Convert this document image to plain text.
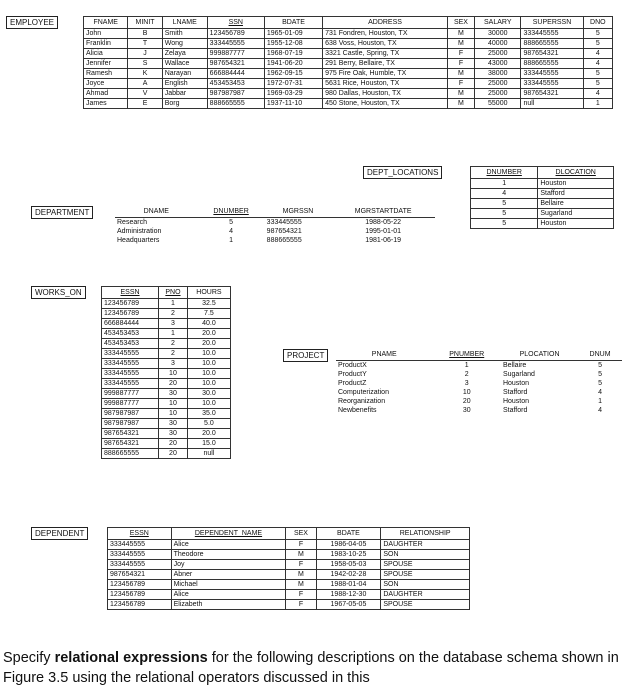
EMPLOYEE	FNAME	MINIT	LNAME	SSN	BDATE	ADDRESS	SEX	SALARY	SUPERSSN	DNO
John	B	Smith	123456789	1965-01-09	731 Fondren, Houston, TX	M	30000	333445555	5
Franklin	T	Wong	333445555	1955-12-08	638 Voss, Houston, TX	M	40000	888665555	5
Alicia	J	Zelaya	999887777	1968-07-19	3321 Castle, Spring, TX	F	25000	987654321	4
Jennifer	S	Wallace	987654321	1941-06-20	291 Berry, Bellaire, TX	F	43000	888665555	4
Ramesh	K	Narayan	666884444	1962-09-15	975 Fire Oak, Humble, TX	M	38000	333445555	5
Joyce	A	English	453453453	1972-07-31	5631 Rice, Houston, TX	F	25000	333445555	5
Ahmad	V	Jabbar	987987987	1969-03-29	980 Dallas, Houston, TX	M	25000	987654321	4
James	E	Borg	888665555	1937-11-10	450 Stone, Houston, TX	M	55000	null	1
DEPT_LOCATIONS	DNUMBER	DLOCATION
1	Houston
4	Stafford
5	Bellaire
5	Sugarland
5	Houston
DEPARTMENT	DNAME	DNUMBER	MGRSSN	MGRSTARTDATE
Research	5	333445555	1988-05-22
Administration	4	987654321	1995-01-01
Headquarters	1	888665555	1981-06-19
WORKS_ON	ESSN	PNO	HOURS
123456789	1	32.5
123456789	2	7.5
666884444	3	40.0
453453453	1	20.0
453453453	2	20.0
333445555	2	10.0
333445555	3	10.0
333445555	10	10.0
333445555	20	10.0
999887777	30	30.0
999887777	10	10.0
987987987	10	35.0
987987987	30	5.0
987654321	30	20.0
987654321	20	15.0
888665555	20	null
PROJECT	PNAME	PNUMBER	PLOCATION	DNUM
ProductX	1	Bellaire	5
ProductY	2	Sugarland	5
ProductZ	3	Houston	5
Computerization	10	Stafford	4
Reorganization	20	Houston	1
Newbenefits	30	Stafford	4
DEPENDENT	ESSN	DEPENDENT_NAME	SEX	BDATE	RELATIONSHIP
333445555	Alice	F	1986-04-05	DAUGHTER
333445555	Theodore	M	1983-10-25	SON
333445555	Joy	F	1958-05-03	SPOUSE
987654321	Abner	M	1942-02-28	SPOUSE
123456789	Michael	M	1988-01-04	SON
123456789	Alice	F	1988-12-30	DAUGHTER
123456789	Elizabeth	F	1967-05-05	SPOUSE
Specify relational expressions for the following descriptions on the database schema shown in Figure 3.5 using the relational operators discussed in this
